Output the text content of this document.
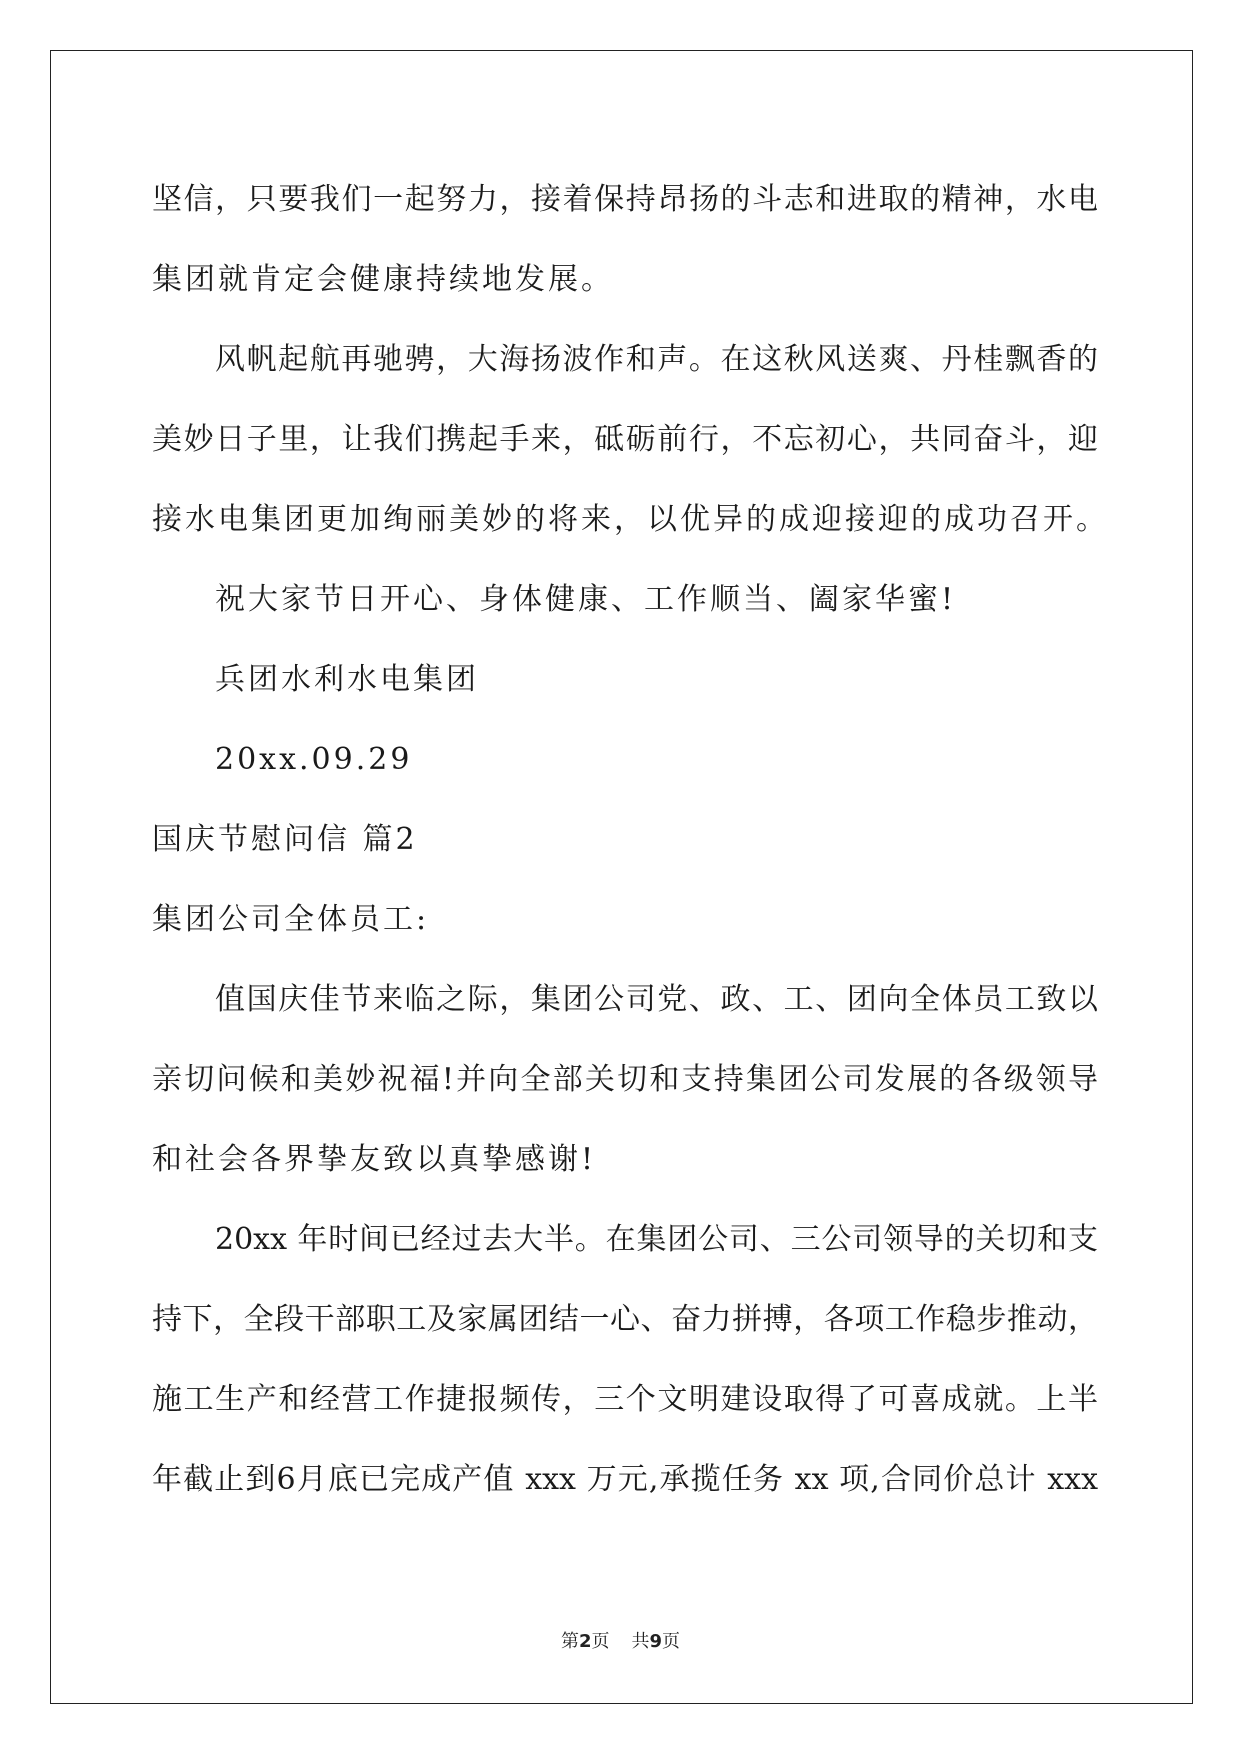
坚信，只要我们一起努力，接着保持昂扬的斗志和进取的精神，水电
集团就肯定会健康持续地发展。
风帆起航再驰骋，大海扬波作和声。在这秋风送爽、丹桂飘香的
美妙日子里，让我们携起手来，砥砺前行，不忘初心，共同奋斗，迎
接水电集团更加绚丽美妙的将来，以优异的成迎接迎的成功召开。
祝大家节日开心、身体健康、工作顺当、阖家华蜜!
兵团水利水电集团
20xx.09.29
国庆节慰问信 篇2
集团公司全体员工:
值国庆佳节来临之际，集团公司党、政、工、团向全体员工致以
亲切问候和美妙祝福!并向全部关切和支持集团公司发展的各级领导
和社会各界挚友致以真挚感谢!
20xx 年时间已经过去大半。在集团公司、三公司领导的关切和支
持下，全段干部职工及家属团结一心、奋力拼搏，各项工作稳步推动，
施工生产和经营工作捷报频传，三个文明建设取得了可喜成就。上半
年截止到6月底已完成产值 xxx 万元,承揽任务 xx 项,合同价总计 xxx
第2页 共9页
